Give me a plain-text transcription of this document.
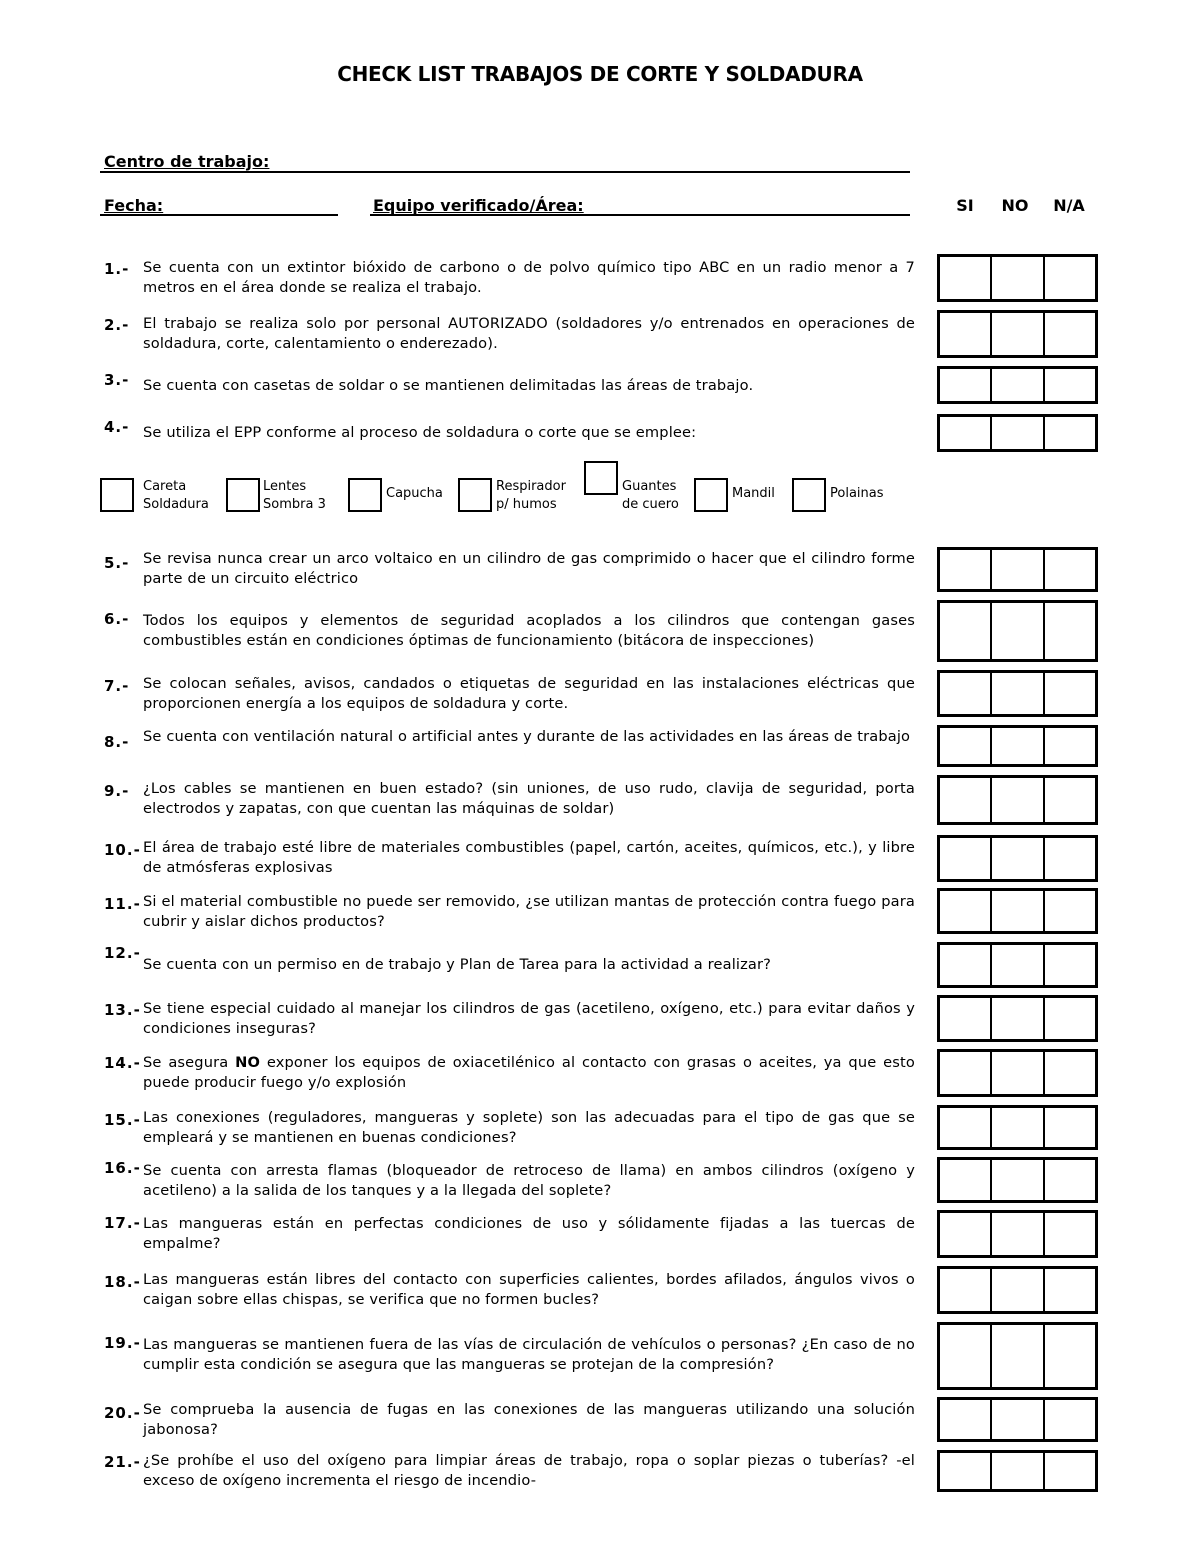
CHECK LIST TRABAJOS DE CORTE Y SOLDADURA
Centro de trabajo:
Fecha:	Equipo verificado/Área:	SI	NO	N/A
1.- Se cuenta con un extintor bióxido de carbono o de polvo químico tipo ABC en un radio menor a 7 metros en el área donde se realiza el trabajo.
2.- El trabajo se realiza solo por personal AUTORIZADO (soldadores y/o entrenados en operaciones de soldadura, corte, calentamiento o enderezado).
3.- Se cuenta con casetas de soldar o se mantienen delimitadas las áreas de trabajo.
4.- Se utiliza el EPP conforme al proceso de soldadura o corte que se emplee:
5.- Se revisa nunca crear un arco voltaico en un cilindro de gas comprimido o hacer que el cilindro forme parte de un circuito eléctrico
6.- Todos los equipos y elementos de seguridad acoplados a los cilindros que contengan gases combustibles están en condiciones óptimas de funcionamiento (bitácora de inspecciones)
7.- Se colocan señales, avisos, candados o etiquetas de seguridad en las instalaciones eléctricas que proporcionen energía a los equipos de soldadura y corte.
8.- Se cuenta con ventilación natural o artificial antes y durante de las actividades en las áreas de trabajo
9.- ¿Los cables se mantienen en buen estado? (sin uniones, de uso rudo, clavija de seguridad, porta electrodos y zapatas, con que cuentan las máquinas de soldar)
10.- El área de trabajo esté libre de materiales combustibles (papel, cartón, aceites, químicos, etc.), y libre de atmósferas explosivas
11.- Si el material combustible no puede ser removido, ¿se utilizan mantas de protección contra fuego para cubrir y aislar dichos productos?
12.-
Se cuenta con un permiso en de trabajo y Plan de Tarea para la actividad a realizar?
13.- Se tiene especial cuidado al manejar los cilindros de gas (acetileno, oxígeno, etc.) para evitar daños y condiciones inseguras?
14.- Se asegura NO exponer los equipos de oxiacetilénico al contacto con grasas o aceites, ya que esto puede producir fuego y/o explosión
15.- Las conexiones (reguladores, mangueras y soplete) son las adecuadas para el tipo de gas que se empleará y se mantienen en buenas condiciones?
16.- Se cuenta con arresta flamas (bloqueador de retroceso de llama) en ambos cilindros (oxígeno y acetileno) a la salida de los tanques y a la llegada del soplete?
17.- Las mangueras están en perfectas condiciones de uso y sólidamente fijadas a las tuercas de empalme?
18.- Las mangueras están libres del contacto con superficies calientes, bordes afilados, ángulos vivos o caigan sobre ellas chispas, se verifica que no formen bucles?
19.- Las mangueras se mantienen fuera de las vías de circulación de vehículos o personas? ¿En caso de no cumplir esta condición se asegura que las mangueras se protejan de la compresión?
20.- Se comprueba la ausencia de fugas en las conexiones de las mangueras utilizando una solución jabonosa?
21.- ¿Se prohíbe el uso del oxígeno para limpiar áreas de trabajo, ropa o soplar piezas o tuberías? -el exceso de oxígeno incrementa el riesgo de incendio-
Careta
Soldadura
Lentes
Sombra 3
Capucha	Respirador
p/ humos
Guantes
de cuero
Mandil	Polainas
